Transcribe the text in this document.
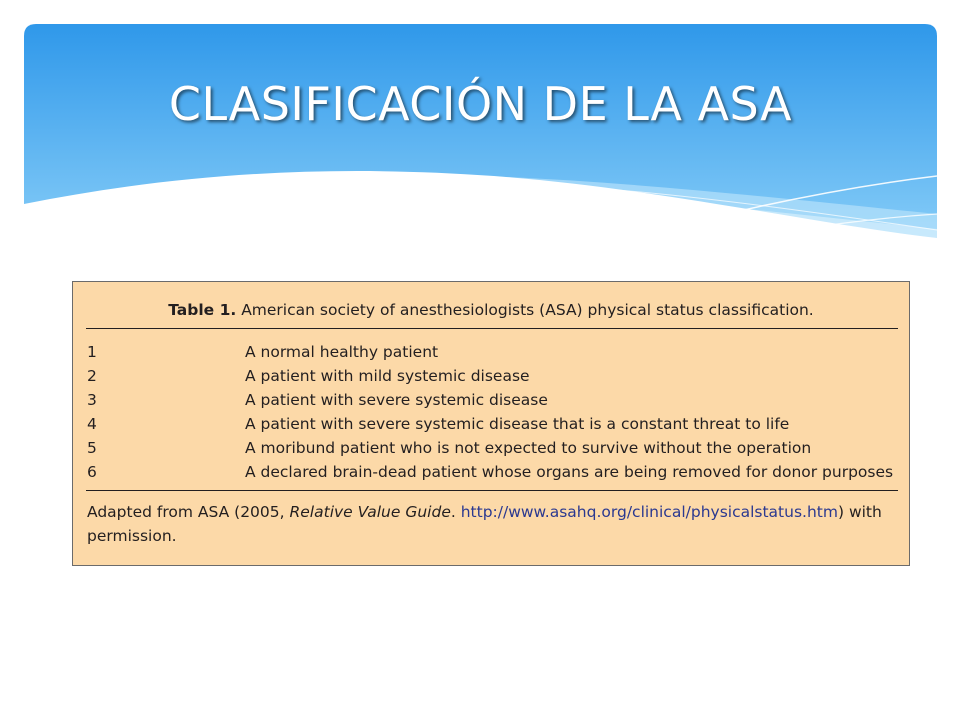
CLASIFICACIÓN DE LA ASA
Table 1. American society of anesthesiologists (ASA) physical status classification.
1	A normal healthy patient
2	A patient with mild systemic disease
3	A patient with severe systemic disease
4	A patient with severe systemic disease that is a constant threat to life
5	A moribund patient who is not expected to survive without the operation
6	A declared brain-dead patient whose organs are being removed for donor purposes
Adapted from ASA (2005, Relative Value Guide. http://www.asahq.org/clinical/physicalstatus.htm) with permission.
